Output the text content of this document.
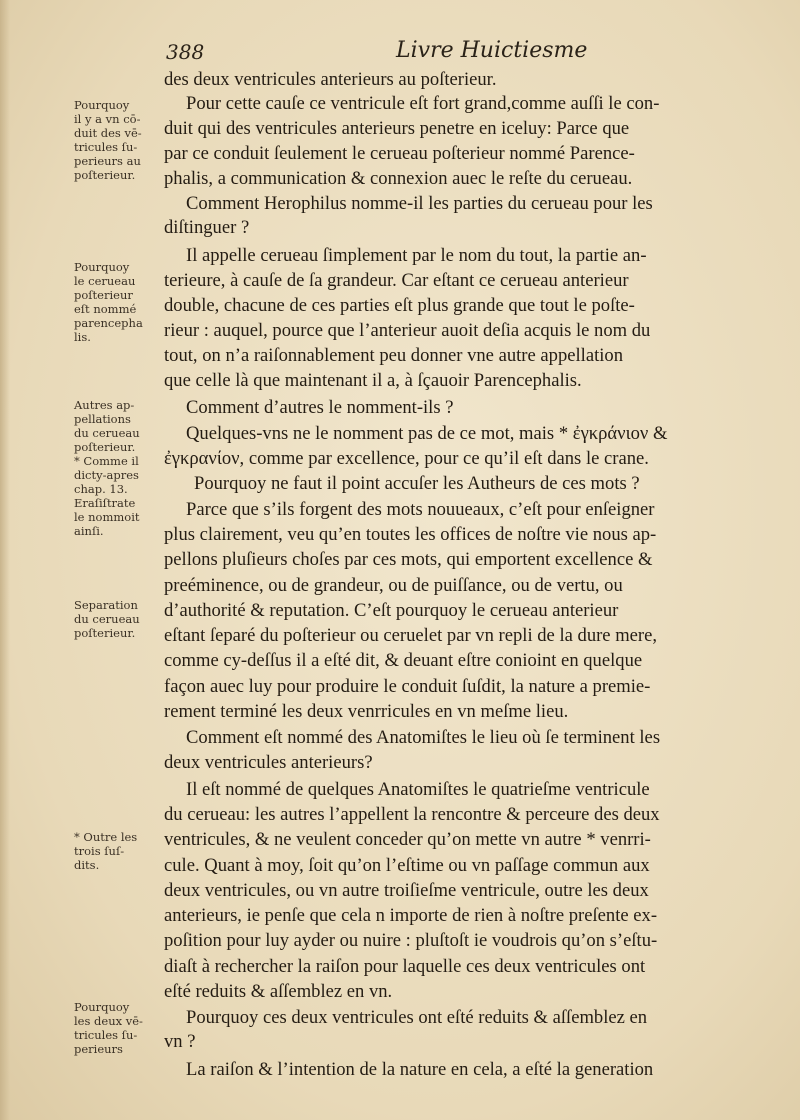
388	Livre Huictiesme
Pourquoy
il y a vn cō-
duit des vē-
tricules ſu-
perieurs au
poſterieur.
Pourquoy
le cerueau
poſterieur
eſt nommé
parencepha
lis.
Autres ap-
pellations
du cerueau
poſterieur.
* Comme il
dicty-apres
chap. 13.
Eraſiſtrate
le nommoit
ainſi.
Separation
du cerueau
poſterieur.
* Outre les
trois ſuſ-
dits.
Pourquoy
les deux vē-
tricules ſu-
perieurs
des deux ventricules anterieurs au poſterieur.
Pour cette cauſe ce ventricule eſt fort grand,comme auſſi le con-
duit qui des ventricules anterieurs penetre en iceluy: Parce que
par ce conduit ſeulement le cerueau poſterieur nommé Parence-
phalis, a communication & connexion auec le reſte du cerueau.
Comment Herophilus nomme-il les parties du cerueau pour les
diſtinguer ?
Il appelle cerueau ſimplement par le nom du tout, la partie an-
terieure, à cauſe de ſa grandeur. Car eſtant ce cerueau anterieur
double, chacune de ces parties eſt plus grande que tout le poſte-
rieur : auquel, pource que l’anterieur auoit deſia acquis le nom du
tout, on n’a raiſonnablement peu donner vne autre appellation
que celle là que maintenant il a, à ſçauoir Parencephalis.
Comment d’autres le nomment-ils ?
Quelques-vns ne le nomment pas de ce mot, mais * ἐγκράνιον &
ἐγκρανίον, comme par excellence, pour ce qu’il eſt dans le crane.
Pourquoy ne faut il point accuſer les Autheurs de ces mots ?
Parce que s’ils forgent des mots nouueaux, c’eſt pour enſeigner
plus clairement, veu qu’en toutes les offices de noſtre vie nous ap-
pellons pluſieurs choſes par ces mots, qui emportent excellence &
preéminence, ou de grandeur, ou de puiſſance, ou de vertu, ou
d’authorité & reputation. C’eſt pourquoy le cerueau anterieur
eſtant ſeparé du poſterieur ou ceruelet par vn repli de la dure mere,
comme cy-deſſus il a eſté dit, & deuant eſtre conioint en quelque
façon auec luy pour produire le conduit ſuſdit, la nature a premie-
rement terminé les deux venrricules en vn meſme lieu.
Comment eſt nommé des Anatomiſtes le lieu où ſe terminent les
deux ventricules anterieurs?
Il eſt nommé de quelques Anatomiſtes le quatrieſme ventricule
du cerueau: les autres l’appellent la rencontre & perceure des deux
ventricules, & ne veulent conceder qu’on mette vn autre * venrri-
cule. Quant à moy, ſoit qu’on l’eſtime ou vn paſſage commun aux
deux ventricules, ou vn autre troiſieſme ventricule, outre les deux
anterieurs, ie penſe que cela n importe de rien à noſtre preſente ex-
poſition pour luy ayder ou nuire : pluſtoſt ie voudrois qu’on s’eſtu-
diaſt à rechercher la raiſon pour laquelle ces deux ventricules ont
eſté reduits & aſſemblez en vn.
Pourquoy ces deux ventricules ont eſté reduits & aſſemblez en
vn ?
La raiſon & l’intention de la nature en cela, a eſté la generation
